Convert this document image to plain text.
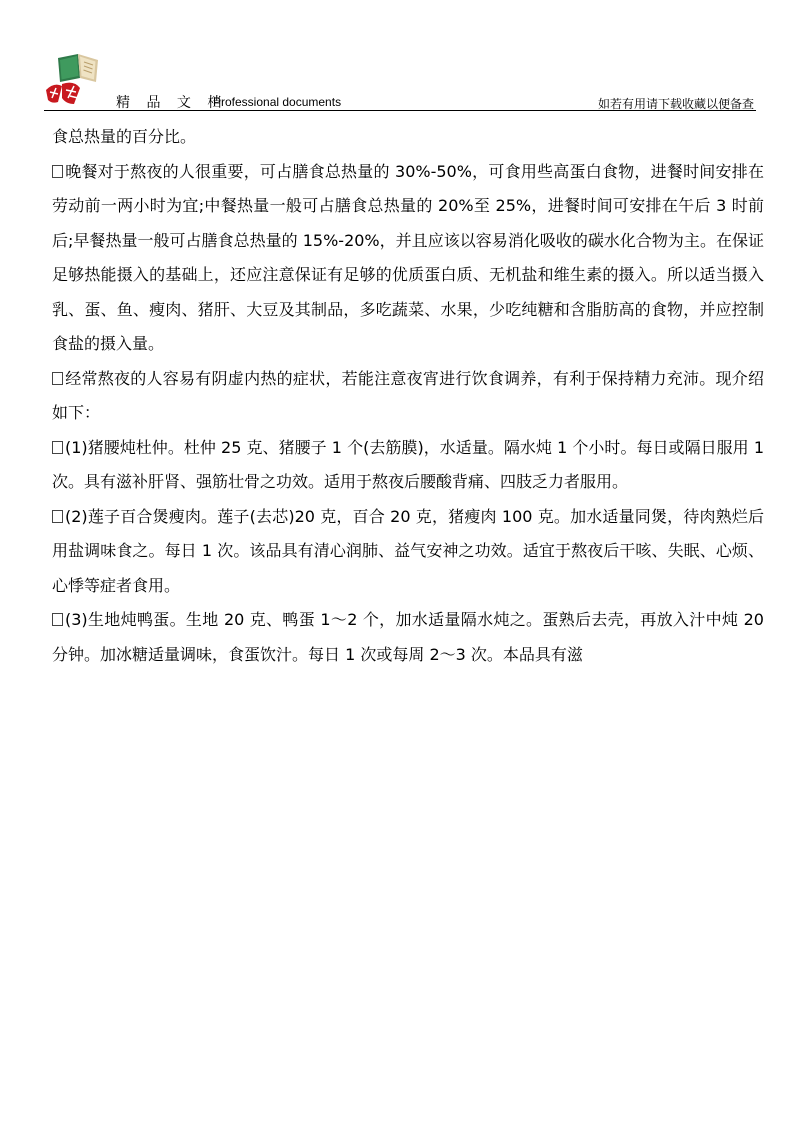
精 品 文 档
Professional documents	如若有用请下载收藏以便备查

食总热量的百分比。

晚餐对于熬夜的人很重要，可占膳食总热量的 30%-50%，可食用些高蛋白食物，进餐时间安排在劳动前一两小时为宜;中餐热量一般可占膳食总热量的 20%至 25%，进餐时间可安排在午后 3 时前后;早餐热量一般可占膳食总热量的 15%-20%，并且应该以容易消化吸收的碳水化合物为主。在保证足够热能摄入的基础上，还应注意保证有足够的优质蛋白质、无机盐和维生素的摄入。所以适当摄入乳、蛋、鱼、瘦肉、猪肝、大豆及其制品，多吃蔬菜、水果，少吃纯糖和含脂肪高的食物，并应控制食盐的摄入量。

经常熬夜的人容易有阴虚内热的症状，若能注意夜宵进行饮食调养，有利于保持精力充沛。现介绍如下：

(1)猪腰炖杜仲。杜仲 25 克、猪腰子 1 个(去筋膜)，水适量。隔水炖 1 个小时。每日或隔日服用 1 次。具有滋补肝肾、强筋壮骨之功效。适用于熬夜后腰酸背痛、四肢乏力者服用。

(2)莲子百合煲瘦肉。莲子(去芯)20 克，百合 20 克，猪瘦肉 100 克。加水适量同煲，待肉熟烂后用盐调味食之。每日 1 次。该品具有清心润肺、益气安神之功效。适宜于熬夜后干咳、失眠、心烦、心悸等症者食用。

(3)生地炖鸭蛋。生地 20 克、鸭蛋 1～2 个，加水适量隔水炖之。蛋熟后去壳，再放入汁中炖 20 分钟。加冰糖适量调味，食蛋饮汁。每日 1 次或每周 2～3 次。本品具有滋
